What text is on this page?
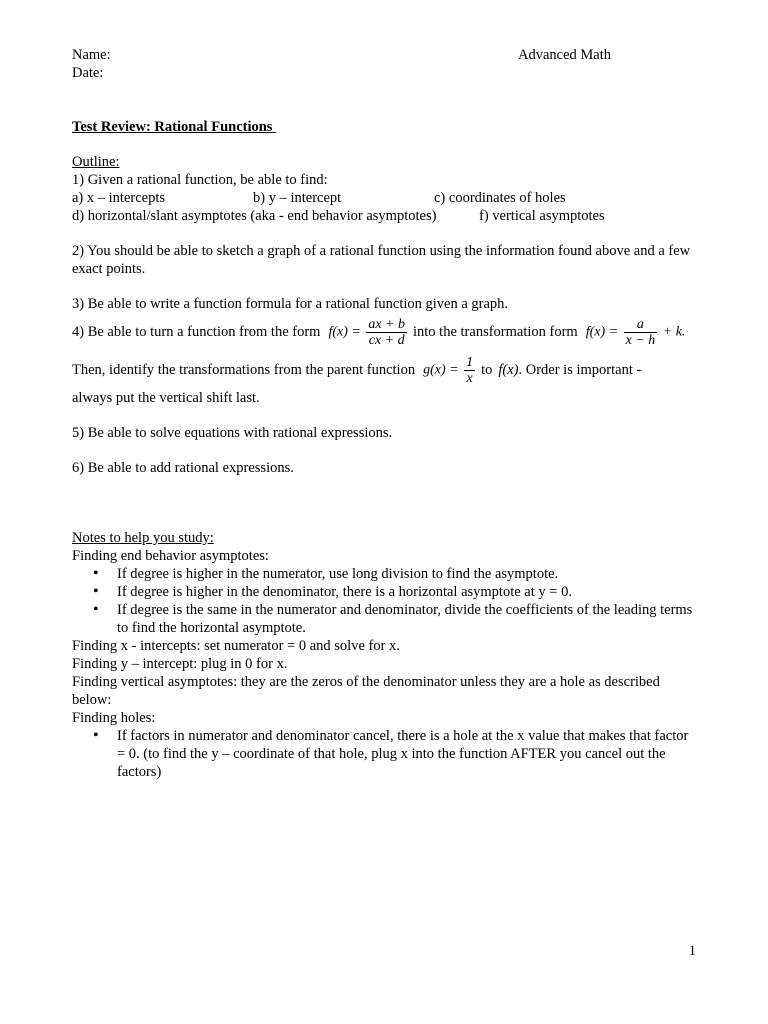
Name:	Advanced Math
Date:
Test Review: Rational Functions
Outline:
1) Given a rational function, be able to find:
a) x – intercepts	b) y – intercept	c) coordinates of holes
d) horizontal/slant asymptotes (aka - end behavior asymptotes)	f) vertical asymptotes
2) You should be able to sketch a graph of a rational function using the information found above and a few exact points.
3) Be able to write a function formula for a rational function given a graph.
4) Be able to turn a function from the form $f(x) = \frac{ax + b}{cx + d}$ into the transformation form $f(x) = \frac{a}{x - h} + k$.
Then, identify the transformations from the parent function $g(x) = \frac{1}{x}$ to f(x) . Order is important -
always put the vertical shift last.
5) Be able to solve equations with rational expressions.
6) Be able to add rational expressions.
Notes to help you study:
Finding end behavior asymptotes:
• If degree is higher in the numerator, use long division to find the asymptote.
• If degree is higher in the denominator, there is a horizontal asymptote at y = 0.
• If degree is the same in the numerator and denominator, divide the coefficients of the leading terms to find the horizontal asymptote.
Finding x - intercepts: set numerator = 0 and solve for x.
Finding y – intercept: plug in 0 for x.
Finding vertical asymptotes: they are the zeros of the denominator unless they are a hole as described below:
Finding holes:
• If factors in numerator and denominator cancel, there is a hole at the x value that makes that factor = 0. (to find the y – coordinate of that hole, plug x into the function AFTER you cancel out the factors)
1
